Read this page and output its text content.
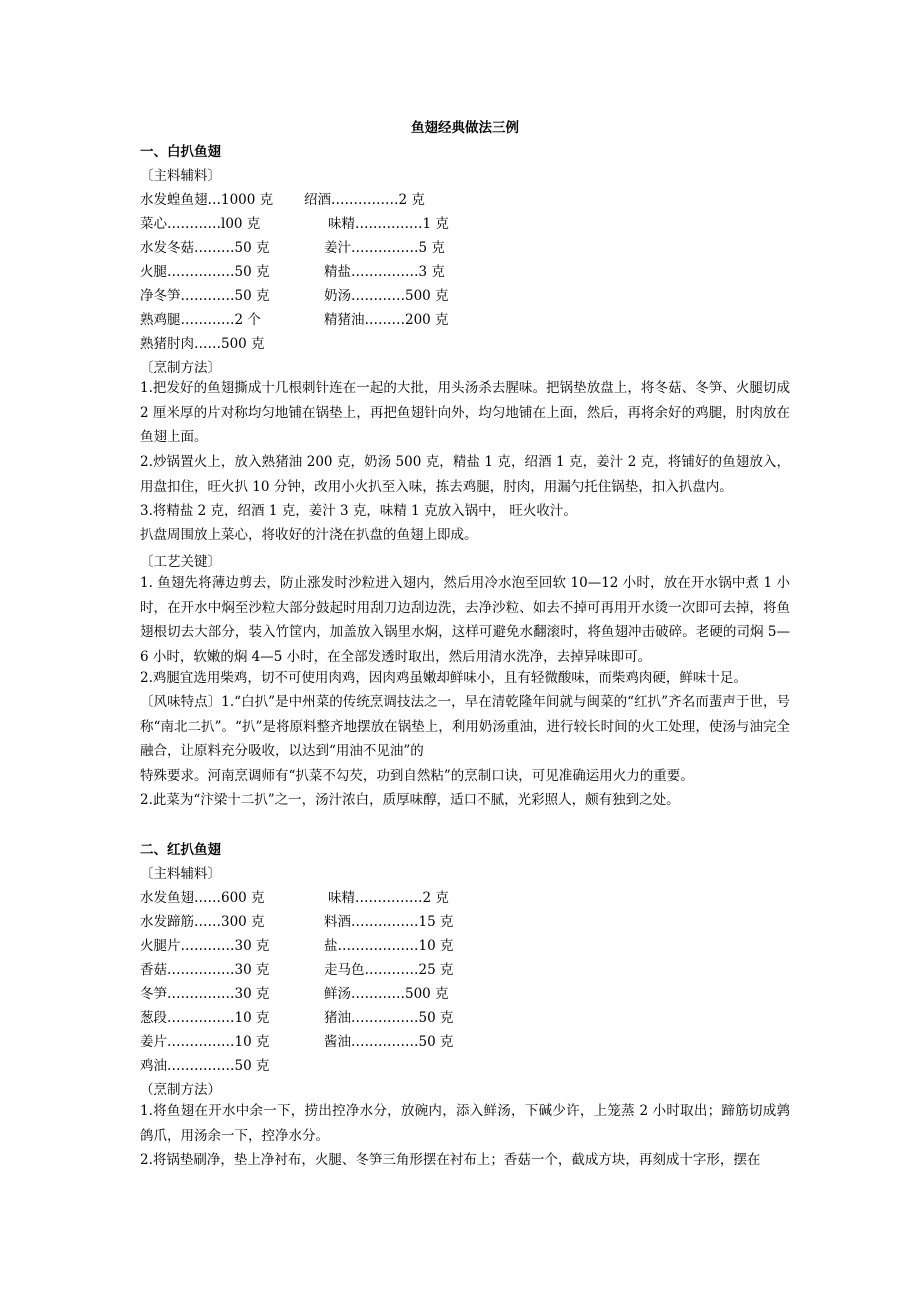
鱼翅经典做法三例
一、白扒鱼翅
〔主料辅料〕
水发蝗鱼翅…1000 克
菜心…………l00 克
水发冬菇………50 克
火腿……………50 克
净冬笋…………50 克
熟鸡腿…………2 个
熟猪肘肉……500 克
绍酒……………2 克
味精……………1 克
姜汁……………5 克
精盐……………3 克
奶汤…………500 克
精猪油………200 克
〔烹制方法〕
1.把发好的鱼翅撕成十几根刺针连在一起的大批，用头汤杀去腥味。把锅垫放盘上，将冬菇、冬笋、火腿切成 2 厘米厚的片对称均匀地铺在锅垫上，再把鱼翅针向外，均匀地铺在上面，然后，再将余好的鸡腿，肘肉放在鱼翅上面。
2.炒锅置火上，放入熟猪油 200 克，奶汤 500 克，精盐 1 克，绍酒 1 克，姜汁 2 克，将铺好的鱼翅放入，用盘扣住，旺火扒 10 分钟，改用小火扒至入味，拣去鸡腿，肘肉，用漏勺托住锅垫，扣入扒盘内。
3.将精盐 2 克，绍酒 1 克，姜汁 3 克，味精 1 克放入锅中， 旺火收汁。
扒盘周围放上菜心，将收好的汁浇在扒盘的鱼翅上即成。
〔工艺关键〕
1. 鱼翅先将薄边剪去，防止涨发时沙粒进入翅内，然后用冷水泡至回软 10—12 小时，放在开水锅中煮 1 小时，在开水中焖至沙粒大部分鼓起时用刮刀边刮边洗，去净沙粒、如去不掉可再用开水烫一次即可去掉，将鱼翅根切去大部分，装入竹筐内，加盖放入锅里水焖，这样可避免水翻滚时，将鱼翅冲击破碎。老硬的司焖 5—6 小时，软嫩的焖 4—5 小时，在全部发透时取出，然后用清水洗净，去掉异味即可。
2.鸡腿宜选用柴鸡，切不可使用肉鸡，因肉鸡虽嫩却鲜味小，且有轻微酸味，而柴鸡肉硬，鲜味十足。
〔风味特点〕1.“白扒”是中州菜的传统烹调技法之一，早在清乾隆年间就与闽菜的“红扒”齐名而蜚声于世，号称“南北二扒”。“扒”是将原料整齐地摆放在锅垫上，利用奶汤重油，进行较长时间的火工处理，使汤与油完全融合，让原料充分吸收，以达到“用油不见油”的
特殊要求。河南烹调师有“扒菜不勾芡，功到自然粘”的烹制口诀，可见准确运用火力的重要。
2.此菜为“汴梁十二扒”之一，汤汁浓白，质厚味醇，适口不腻，光彩照人，颇有独到之处。
二、红扒鱼翅
〔主料辅料〕
水发鱼翅……600 克
水发蹄筋……300 克
火腿片…………30 克
香菇……………30 克
冬笋……………30 克
葱段……………10 克
姜片……………10 克
鸡油……………50 克
味精……………2 克
料酒……………15 克
盐………………10 克
走马色…………25 克
鲜汤…………500 克
猪油……………50 克
酱油……………50 克
（烹制方法）
1.将鱼翅在开水中余一下，捞出控净水分，放碗内，添入鲜汤，下碱少许，上笼蒸 2 小时取出；蹄筋切成鹑鸽爪，用汤余一下，控净水分。
2.将锅垫刷净，垫上净衬布，火腿、冬笋三角形摆在衬布上；香菇一个，截成方块，再刻成十字形，摆在
